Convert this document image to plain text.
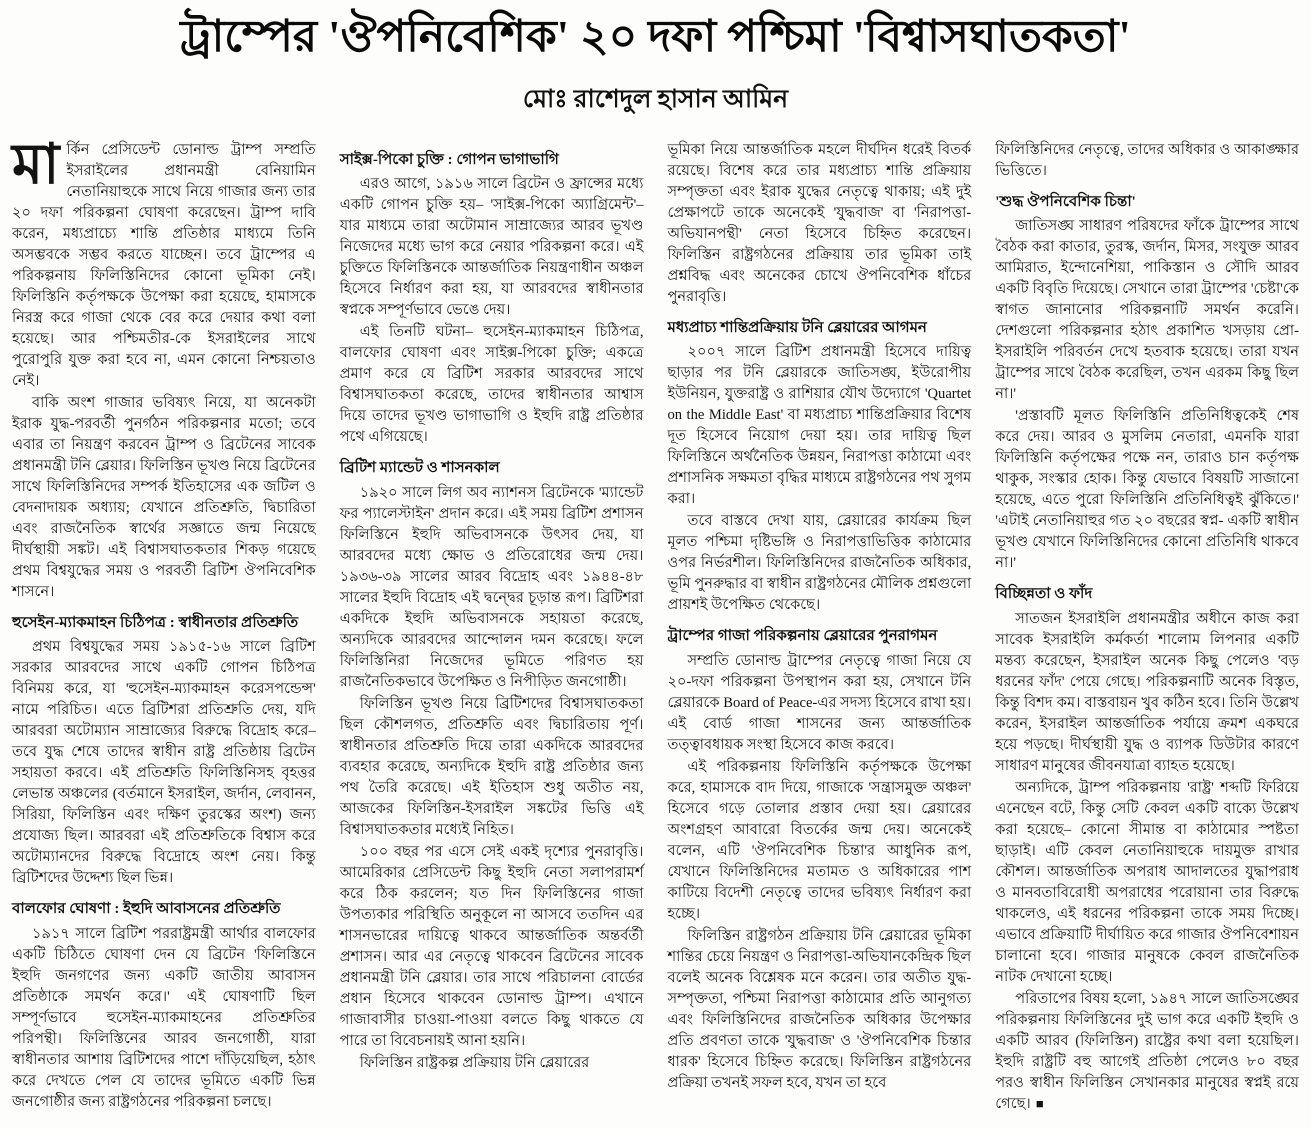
ট্রাম্পের 'ঔপনিবেশিক' ২০ দফা পশ্চিমা 'বিশ্বাসঘাতকতা'
মোঃ রাশেদুল হাসান আমিন

মার্কিন প্রেসিডেন্ট ডোনাল্ড ট্রাম্প সম্প্রতি ইসরাইলের প্রধানমন্ত্রী বেনিয়ামিন নেতানিয়াহুকে সাথে নিয়ে গাজার জন্য তার ২০ দফা পরিকল্পনা ঘোষণা করেছেন। ট্রাম্প দাবি করেন, মধ্যপ্রাচ্যে শান্তি প্রতিষ্ঠার মাধ্যমে তিনি অসম্ভবকে সম্ভব করতে যাচ্ছেন। তবে ট্রাম্পের এ পরিকল্পনায় ফিলিস্তিনিদের কোনো ভূমিকা নেই। ফিলিস্তিনি কর্তৃপক্ষকে উপেক্ষা করা হয়েছে, হামাসকে নিরস্ত্র করে গাজা থেকে বের করে দেয়ার কথা বলা হয়েছে। আর পশ্চিমতীর-কে ইসরাইলের সাথে পুরোপুরি যুক্ত করা হবে না, এমন কোনো নিশ্চয়তাও নেই।

বাকি অংশ গাজার ভবিষ্যৎ নিয়ে, যা অনেকটা ইরাক যুদ্ধ-পরবর্তী পুনর্গঠন পরিকল্পনার মতো; তবে এবার তা নিয়ন্ত্রণ করবেন ট্রাম্প ও ব্রিটেনের সাবেক প্রধানমন্ত্রী টনি ব্লেয়ার। ফিলিস্তিন ভূখণ্ড নিয়ে ব্রিটেনের সাথে ফিলিস্তিনিদের সম্পর্ক ইতিহাসের এক জটিল ও বেদনাদায়ক অধ্যায়; যেখানে প্রতিশ্রুতি, দ্বিচারিতা এবং রাজনৈতিক স্বার্থের সজ্ঞাতে জন্ম নিয়েছে দীর্ঘস্থায়ী সঙ্কট। এই বিশ্বাসঘাতকতার শিকড় গয়েছে প্রথম বিশ্বযুদ্ধের সময় ও পরবর্তী ব্রিটিশ ঔপনিবেশিক শাসনে।

হুসেইন-ম্যাকমাহন চিঠিপত্র : স্বাধীনতার প্রতিশ্রুতি

প্রথম বিশ্বযুদ্ধের সময় ১৯১৫-১৬ সালে ব্রিটিশ সরকার আরবদের সাথে একটি গোপন চিঠিপত্র বিনিময় করে, যা 'হুসেইন-ম্যাকমাহন করেসপন্ডেন্স' নামে পরিচিত। এতে ব্রিটিশরা প্রতিশ্রুতি দেয়, যদি আরবরা অটোম্যান সাম্রাজ্যের বিরুদ্ধে বিদ্রোহ করে– তবে যুদ্ধ শেষে তাদের স্বাধীন রাষ্ট্র প্রতিষ্ঠায় ব্রিটেন সহায়তা করবে। এই প্রতিশ্রুতি ফিলিস্তিনিসহ বৃহত্তর লেভান্ত অঞ্চলের (বর্তমানে ইসরাইল, জর্দান, লেবানন, সিরিয়া, ফিলিস্তিন এবং দক্ষিণ তুরস্কের অংশ) জন্য প্রযোজ্য ছিল। আরবরা এই প্রতিশ্রুতিকে বিশ্বাস করে অটোম্যানদের বিরুদ্ধে বিদ্রোহে অংশ নেয়। কিন্তু ব্রিটিশদের উদ্দেশ্য ছিল ভিন্ন।

বালফোর ঘোষণা : ইহুদি আবাসনের প্রতিশ্রুতি

১৯১৭ সালে ব্রিটিশ পররাষ্ট্রমন্ত্রী আর্থার বালফোর একটি চিঠিতে ঘোষণা দেন যে ব্রিটেন 'ফিলিস্তিনে ইহুদি জনগণের জন্য একটি জাতীয় আবাসন প্রতিষ্ঠাকে সমর্থন করে।' এই ঘোষণাটি ছিল সম্পূর্ণভাবে হুসেইন-ম্যাকমাহনের প্রতিশ্রুতির পরিপন্থী। ফিলিস্তিনের আরব জনগোষ্ঠী, যারা স্বাধীনতার আশায় ব্রিটিশদের পাশে দাঁড়িয়েছিল, হঠাৎ করে দেখতে পেল যে তাদের ভূমিতে একটি ভিন্ন জনগোষ্ঠীর জন্য রাষ্ট্রগঠনের পরিকল্পনা চলছে।

সাইক্স-পিকো চুক্তি : গোপন ভাগাভাগি

এরও আগে, ১৯১৬ সালে ব্রিটেন ও ফ্রান্সের মধ্যে একটি গোপন চুক্তি হয়– 'সাইক্স-পিকো অ্যাগ্রিমেন্ট'– যার মাধ্যমে তারা অটোমান সাম্রাজ্যের আরব ভূখণ্ড নিজেদের মধ্যে ভাগ করে নেয়ার পরিকল্পনা করে। এই চুক্তিতে ফিলিস্তিনকে আন্তর্জাতিক নিয়ন্ত্রণাধীন অঞ্চল হিসেবে নির্ধারণ করা হয়, যা আরবদের স্বাধীনতার স্বপ্নকে সম্পূর্ণভাবে ভেঙে দেয়।

এই তিনটি ঘটনা– হুসেইন-ম্যাকমাহন চিঠিপত্র, বালফোর ঘোষণা এবং সাইক্স-পিকো চুক্তি; একত্রে প্রমাণ করে যে ব্রিটিশ সরকার আরবদের সাথে বিশ্বাসঘাতকতা করেছে, তাদের স্বাধীনতার আশ্বাস দিয়ে তাদের ভূখণ্ড ভাগাভাগি ও ইহুদি রাষ্ট্র প্রতিষ্ঠার পথে এগিয়েছে।

ব্রিটিশ ম্যান্ডেট ও শাসনকাল

১৯২০ সালে লিগ অব ন্যাশনস ব্রিটেনকে 'ম্যান্ডেট ফর প্যালেস্টাইন' প্রদান করে। এই সময় ব্রিটিশ প্রশাসন ফিলিস্তিনে ইহুদি অভিবাসনকে উৎসব দেয়, যা আরবদের মধ্যে ক্ষোভ ও প্রতিরোধের জন্ম দেয়। ১৯৩৬-৩৯ সালের আরব বিদ্রোহ এবং ১৯৪৪-৪৮ সালের ইহুদি বিদ্রোহ এই দ্বন্দ্বের চূড়ান্ত রূপ। ব্রিটিশরা একদিকে ইহুদি অভিবাসনকে সহায়তা করেছে, অন্যদিকে আরবদের আন্দোলন দমন করেছে। ফলে ফিলিস্তিনিরা নিজেদের ভূমিতে পরিণত হয় রাজনৈতিকভাবে উপেক্ষিত ও নিপীড়িত জনগোষ্ঠী।

ফিলিস্তিন ভূখণ্ড নিয়ে ব্রিটিশদের বিশ্বাসঘাতকতা ছিল কৌশলগত, প্রতিশ্রুতি এবং দ্বিচারিতায় পূর্ণ। স্বাধীনতার প্রতিশ্রুতি দিয়ে তারা একদিকে আরবদের ব্যবহার করেছে, অন্যদিকে ইহুদি রাষ্ট্র প্রতিষ্ঠার জন্য পথ তৈরি করেছে। এই ইতিহাস শুধু অতীত নয়, আজকের ফিলিস্তিন-ইসরাইল সঙ্কটের ভিত্তি এই বিশ্বাসঘাতকতার মধ্যেই নিহিত।

১০০ বছর পর এসে সেই একই দৃশ্যের পুনরাবৃত্তি। আমেরিকার প্রেসিডেন্ট কিছু ইহুদি নেতা সলাপরামর্শ করে ঠিক করলেন; যত দিন ফিলিস্তিনের গাজা উপত্যকার পরিস্থিতি অনুকূলে না আসবে ততদিন এর শাসনভারের দায়িত্বে থাকবে আন্তর্জাতিক অন্তর্বর্তী প্রশাসন। আর এর নেতৃত্বে থাকবেন ব্রিটেনের সাবেক প্রধানমন্ত্রী টনি ব্লেয়ার। তার সাথে পরিচালনা বোর্ডের প্রধান হিসেবে থাকবেন ডোনাল্ড ট্রাম্প। এখানে গাজাবাসীর চাওয়া-পাওয়া বলতে কিছু থাকতে যে পারে তা বিবেচনায়ই আনা হয়নি।

ফিলিস্তিন রাষ্ট্রকল্প প্রক্রিয়ায় টনি ব্লেয়ারের

ভূমিকা নিয়ে আন্তর্জাতিক মহলে দীর্ঘদিন ধরেই বিতর্ক রয়েছে। বিশেষ করে তার মধ্যপ্রাচ্য শান্তি প্রক্রিয়ায় সম্পৃক্ততা এবং ইরাক যুদ্ধের নেতৃত্বে থাকায়; এই দুই প্রেক্ষাপটে তাকে অনেকেই 'যুদ্ধবাজ' বা 'নিরাপত্তা-অভিযানপন্থী' নেতা হিসেবে চিহ্নিত করেছেন। ফিলিস্তিন রাষ্ট্রগঠনের প্রক্রিয়ায় তার ভূমিকা তাই প্রশ্নবিদ্ধ এবং অনেকের চোখে ঔপনিবেশিক ধাঁচের পুনরাবৃত্তি।

মধ্যপ্রাচ্য শান্তিপ্রক্রিয়ায় টনি ব্লেয়ারের আগমন

২০০৭ সালে ব্রিটিশ প্রধানমন্ত্রী হিসেবে দায়িত্ব ছাড়ার পর টনি ব্লেয়ারকে জাতিসঙ্ঘ, ইউরোপীয় ইউনিয়ন, যুক্তরাষ্ট্র ও রাশিয়ার যৌথ উদ্যোগে 'Quartet on the Middle East' বা মধ্যপ্রাচ্য শান্তিপ্রক্রিয়ার বিশেষ দূত হিসেবে নিয়োগ দেয়া হয়। তার দায়িত্ব ছিল ফিলিস্তিনে অর্থনৈতিক উন্নয়ন, নিরাপত্তা কাঠামো এবং প্রশাসনিক সক্ষমতা বৃদ্ধির মাধ্যমে রাষ্ট্রগঠনের পথ সুগম করা।

তবে বাস্তবে দেখা যায়, ব্লেয়ারের কার্যক্রম ছিল মূলত পশ্চিমা দৃষ্টিভঙ্গি ও নিরাপত্তাভিত্তিক কাঠামোর ওপর নির্ভরশীল। ফিলিস্তিনিদের রাজনৈতিক অধিকার, ভূমি পুনরুদ্ধার বা স্বাধীন রাষ্ট্রগঠনের মৌলিক প্রশ্নগুলো প্রায়শই উপেক্ষিত থেকেছে।

ট্রাম্পের গাজা পরিকল্পনায় ব্লেয়ারের পুনরাগমন

সম্প্রতি ডোনাল্ড ট্রাম্পের নেতৃত্বে গাজা নিয়ে যে ২০-দফা পরিকল্পনা উপস্থাপন করা হয়, সেখানে টনি ব্লেয়ারকে Board of Peace-এর সদস্য হিসেবে রাখা হয়। এই বোর্ড গাজা শাসনের জন্য আন্তর্জাতিক তত্ত্বাবধায়ক সংস্থা হিসেবে কাজ করবে।

এই পরিকল্পনায় ফিলিস্তিনি কর্তৃপক্ষকে উপেক্ষা করে, হামাসকে বাদ দিয়ে, গাজাকে 'সন্ত্রাসমুক্ত অঞ্চল' হিসেবে গড়ে তোলার প্রস্তাব দেয়া হয়। ব্লেয়ারের অংশগ্রহণ আবারো বিতর্কের জন্ম দেয়। অনেকেই বলেন, এটি 'ঔপনিবেশিক চিন্তা'র আধুনিক রূপ, যেখানে ফিলিস্তিনিদের মতামত ও অধিকারের পাশ কাটিয়ে বিদেশী নেতৃত্বে তাদের ভবিষ্যৎ নির্ধারণ করা হচ্ছে।

ফিলিস্তিন রাষ্ট্রগঠন প্রক্রিয়ায় টনি ব্লেয়ারের ভূমিকা শান্তির চেয়ে নিয়ন্ত্রণ ও নিরাপত্তা-অভিযানকেন্দ্রিক ছিল বলেই অনেক বিশ্লেষক মনে করেন। তার অতীত যুদ্ধ-সম্পৃক্ততা, পশ্চিমা নিরাপত্তা কাঠামোর প্রতি আনুগত্য এবং ফিলিস্তিনিদের রাজনৈতিক অধিকার উপেক্ষার প্রতি প্রবণতা তাকে 'যুদ্ধবাজ' ও 'ঔপনিবেশিক চিন্তার ধারক' হিসেবে চিহ্নিত করেছে। ফিলিস্তিন রাষ্ট্রগঠনের প্রক্রিয়া তখনই সফল হবে, যখন তা হবে

ফিলিস্তিনিদের নেতৃত্বে, তাদের অধিকার ও আকাঙ্ক্ষার ভিত্তিতে।

'শুদ্ধ ঔপনিবেশিক চিন্তা'

জাতিসঙ্ঘ সাধারণ পরিষদের ফাঁকে ট্রাম্পের সাথে বৈঠক করা কাতার, তুরস্ক, জর্দান, মিসর, সংযুক্ত আরব আমিরাত, ইন্দোনেশিয়া, পাকিস্তান ও সৌদি আরব একটি বিবৃতি দিয়েছে। সেখানে তারা ট্রাম্পের 'চেষ্টা'কে স্বাগত জানানোর পরিকল্পনাটি সমর্থন করেনি। দেশগুলো পরিকল্পনার হঠাৎ প্রকাশিত খসড়ায় প্রো-ইসরাইলি পরিবর্তন দেখে হতবাক হয়েছে। তারা যখন ট্রাম্পের সাথে বৈঠক করেছিল, তখন এরকম কিছু ছিল না।'

'প্রস্তাবটি মূলত ফিলিস্তিনি প্রতিনিধিত্বকেই শেষ করে দেয়। আরব ও মুসলিম নেতারা, এমনকি যারা ফিলিস্তিনি কর্তৃপক্ষের পক্ষে নন, তারাও চান কর্তৃপক্ষ থাকুক, সংস্কার হোক। কিন্তু যেভাবে বিষয়টি সাজানো হয়েছে, এতে পুরো ফিলিস্তিনি প্রতিনিধিত্বই ঝুঁকিতে।' 'এটাই নেতানিয়াহুর গত ২০ বছরের স্বপ্ন- একটি স্বাধীন ভূখণ্ড যেখানে ফিলিস্তিনিদের কোনো প্রতিনিধি থাকবে না।'

বিচ্ছিন্নতা ও ফাঁদ

সাতজন ইসরাইলি প্রধানমন্ত্রীর অধীনে কাজ করা সাবেক ইসরাইলি কর্মকর্তা শালোম লিপনার একটি মন্তব্য করেছেন, ইসরাইল অনেক কিছু পেলেও 'বড় ধরনের ফাঁদ' পেয়ে গেছে। পরিকল্পনাটি অনেক বিস্তৃত, কিন্তু বিশদ কম। বাস্তবায়ন খুব কঠিন হবে। তিনি উল্লেখ করেন, ইসরাইল আন্তর্জাতিক পর্যায়ে ক্রমশ একঘরে হয়ে পড়ছে। দীর্ঘস্থায়ী যুদ্ধ ও ব্যাপক ডিউটার কারণে সাধারণ মানুষের জীবনযাত্রা ব্যাহত হয়েছে।

অন্যদিকে, ট্রাম্প পরিকল্পনায় 'রাষ্ট্র' শব্দটি ফিরিয়ে এনেছেন বটে, কিন্তু সেটি কেবল একটি বাক্যে উল্লেখ করা হয়েছে– কোনো সীমান্ত বা কাঠামোর স্পষ্টতা ছাড়াই। এটি কেবল নেতানিয়াহুকে দায়মুক্ত রাখার কৌশল। আন্তর্জাতিক অপরাধ আদালতের যুদ্ধাপরাধ ও মানবতাবিরোধী অপরাধের পরোয়ানা তার বিরুদ্ধে থাকলেও, এই ধরনের পরিকল্পনা তাকে সময় দিচ্ছে। এভাবে প্রক্রিয়াটি দীর্ঘায়িত করে গাজার ঔপনিবেশায়ন চালানো হবে। গাজার মানুষকে কেবল রাজনৈতিক নাটক দেখানো হচ্ছে।

পরিতাপের বিষয় হলো, ১৯৪৭ সালে জাতিসঙ্ঘের পরিকল্পনায় ফিলিস্তিনের দুই ভাগ করে একটি ইহুদি ও একটি আরব (ফিলিস্তিন) রাষ্ট্রের কথা বলা হয়েছিল। ইহুদি রাষ্ট্রটি বহু আগেই প্রতিষ্ঠা পেলেও ৮০ বছর পরও স্বাধীন ফিলিস্তিন সেখানকার মানুষের স্বপ্নই রয়ে গেছে। ■
